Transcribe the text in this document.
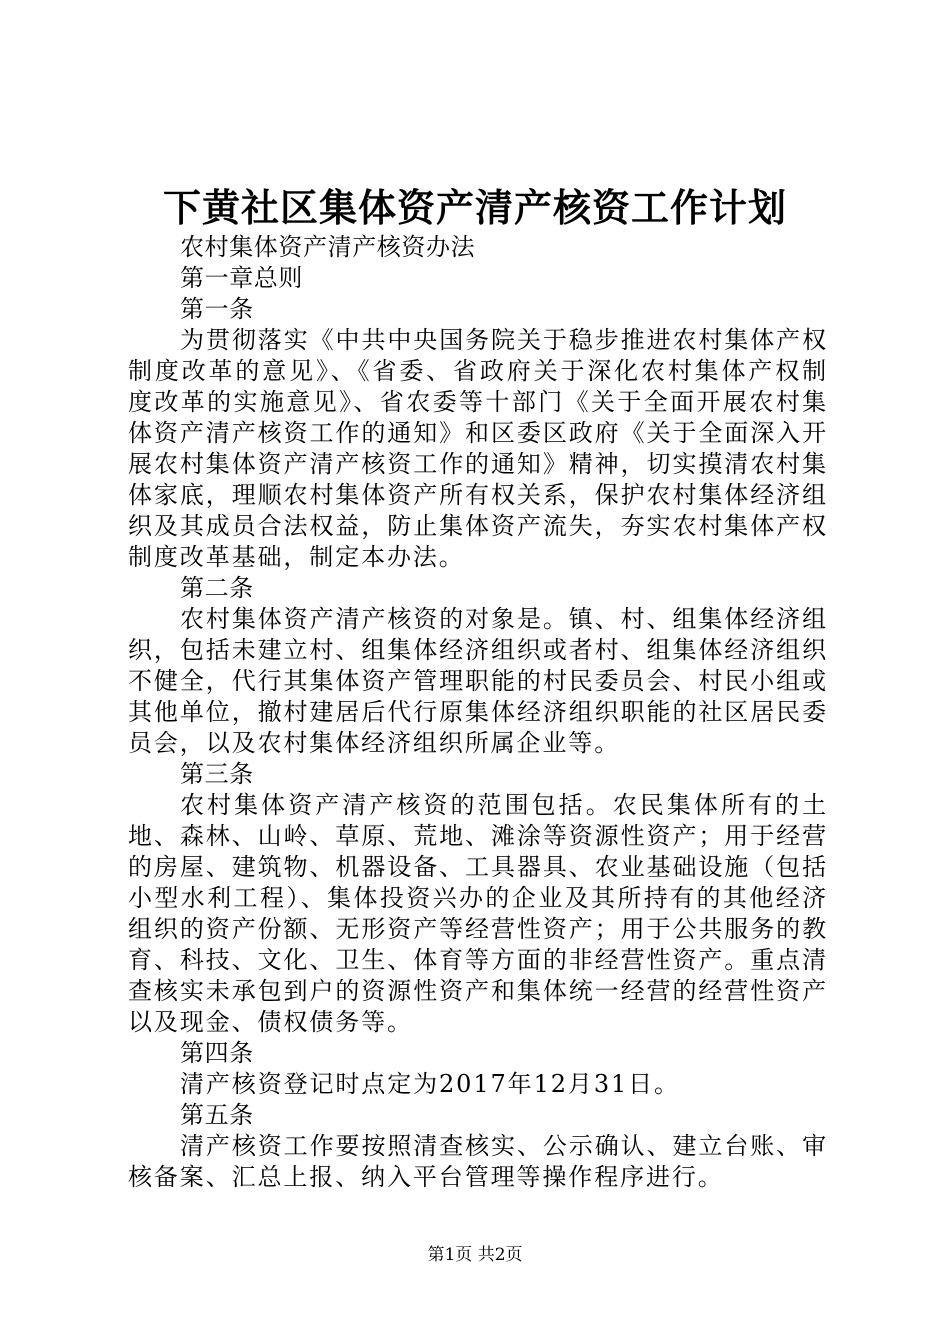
下黄社区集体资产清产核资工作计划

农村集体资产清产核资办法

第一章总则

第一条

为贯彻落实《中共中央国务院关于稳步推进农村集体产权制度改革的意见》、《省委、省政府关于深化农村集体产权制度改革的实施意见》、省农委等十部门《关于全面开展农村集体资产清产核资工作的通知》和区委区政府《关于全面深入开展农村集体资产清产核资工作的通知》精神，切实摸清农村集体家底，理顺农村集体资产所有权关系，保护农村集体经济组织及其成员合法权益，防止集体资产流失，夯实农村集体产权制度改革基础，制定本办法。

第二条

农村集体资产清产核资的对象是。镇、村、组集体经济组织，包括未建立村、组集体经济组织或者村、组集体经济组织不健全，代行其集体资产管理职能的村民委员会、村民小组或其他单位，撤村建居后代行原集体经济组织职能的社区居民委员会，以及农村集体经济组织所属企业等。

第三条

农村集体资产清产核资的范围包括。农民集体所有的土地、森林、山岭、草原、荒地、滩涂等资源性资产；用于经营的房屋、建筑物、机器设备、工具器具、农业基础设施（包括小型水利工程）、集体投资兴办的企业及其所持有的其他经济组织的资产份额、无形资产等经营性资产；用于公共服务的教育、科技、文化、卫生、体育等方面的非经营性资产。重点清查核实未承包到户的资源性资产和集体统一经营的经营性资产以及现金、债权债务等。

第四条

清产核资登记时点定为2017年12月31日。

第五条

清产核资工作要按照清查核实、公示确认、建立台账、审核备案、汇总上报、纳入平台管理等操作程序进行。

第1页 共2页
